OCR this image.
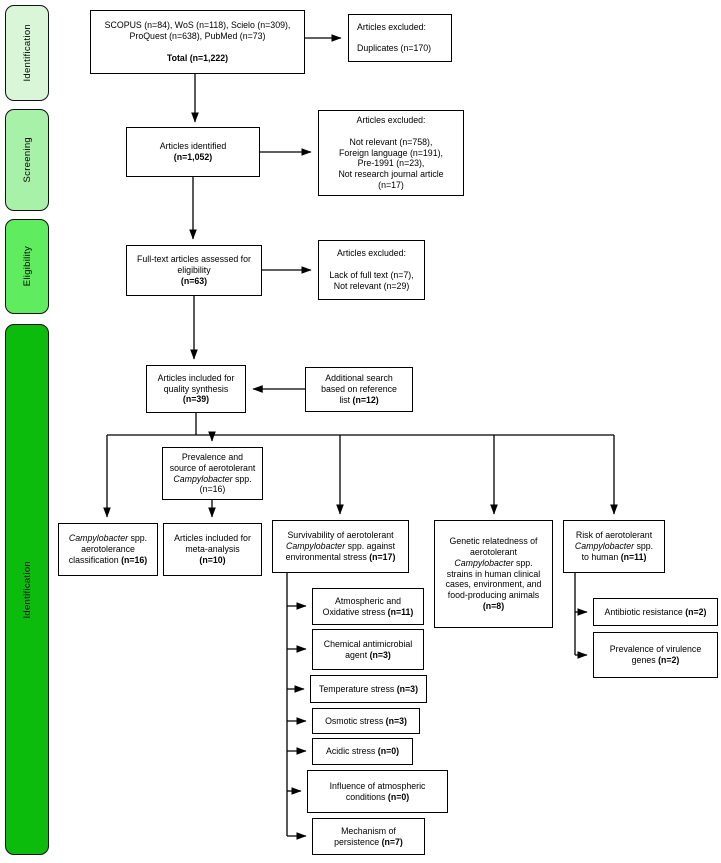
Identification
Screening
Eligibility
Identification
SCOPUS (n=84), WoS (n=118), Scielo (n=309),
ProQuest (n=638), PubMed (n=73)

Total (n=1,222)
Articles excluded:

Duplicates (n=170)
Articles identified
(n=1,052)
Articles excluded:

Not relevant (n=758),
Foreign language (n=191),
Pre-1991 (n=23),
Not research journal article
(n=17)
Full-text articles assessed for
eligibility
(n=63)
Articles excluded:

Lack of full text (n=7),
Not relevant (n=29)
Articles included for
quality synthesis
(n=39)
Additional search
based on reference
list (n=12)
Prevalence and
source of aerotolerant
Campylobacter spp.
(n=16)
Campylobacter spp.
aerotolerance
classification (n=16)
Articles included for
meta-analysis
(n=10)
Survivability of aerotolerant
Campylobacter spp. against
environmental stress (n=17)
Genetic relatedness of
aerotolerant
Campylobacter spp.
strains in human clinical
cases, environment, and
food-producing animals
(n=8)
Risk of aerotolerant
Campylobacter spp.
to human (n=11)
Atmospheric and
Oxidative stress (n=11)
Chemical antimicrobial
agent (n=3)
Temperature stress (n=3)
Osmotic stress (n=3)
Acidic stress (n=0)
Influence of atmospheric
conditions (n=0)
Mechanism of
persistence (n=7)
Antibiotic resistance (n=2)
Prevalence of virulence
genes (n=2)
